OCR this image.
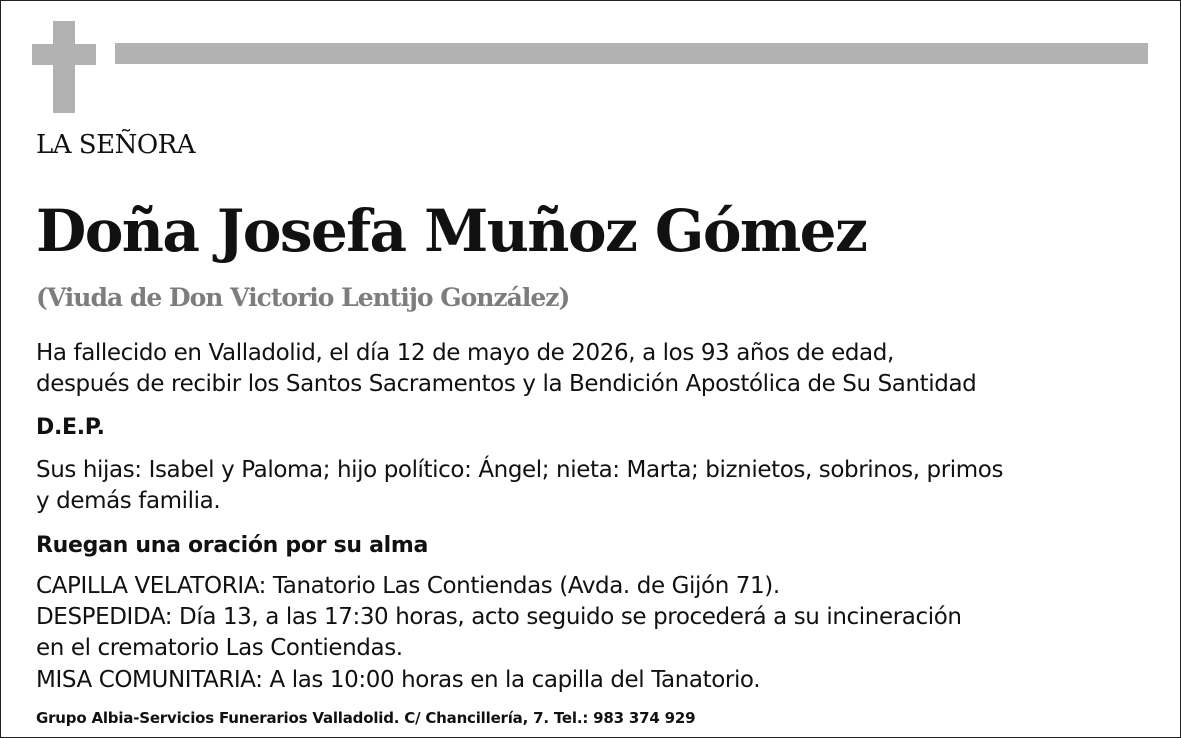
LA SEÑORA

Doña Josefa Muñoz Gómez

(Viuda de Don Victorio Lentijo González)

Ha fallecido en Valladolid, el día 12 de mayo de 2026, a los 93 años de edad,

después de recibir los Santos Sacramentos y la Bendición Apostólica de Su Santidad

D.E.P.

Sus hijas: Isabel y Paloma; hijo político: Ángel; nieta: Marta; biznietos, sobrinos, primos

y demás familia.

Ruegan una oración por su alma

CAPILLA VELATORIA: Tanatorio Las Contiendas (Avda. de Gijón 71).

DESPEDIDA: Día 13, a las 17:30 horas, acto seguido se procederá a su incineración

en el crematorio Las Contiendas.

MISA COMUNITARIA: A las 10:00 horas en la capilla del Tanatorio.

Grupo Albia-Servicios Funerarios Valladolid. C/ Chancillería, 7. Tel.: 983 374 929
